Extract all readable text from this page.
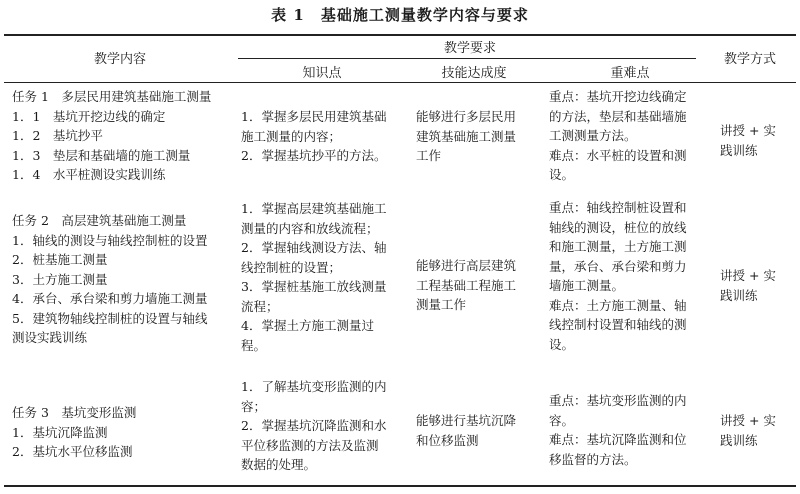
表 1　基础施工测量教学内容与要求
教学内容
教学要求
知识点	技能达成度	重难点
教学方式
任务 1　多层民用建筑基础施工测量
1．1　基坑开挖边线的确定
1．2　基坑抄平
1．3　垫层和基础墙的施工测量
1．4　水平桩测设实践训练
1．掌握多层民用建筑基础
施工测量的内容；
2．掌握基坑抄平的方法。
能够进行多层民用
建筑基础施工测量
工作
重点：基坑开挖边线确定
的方法，垫层和基础墙施
工测测量方法。
难点：水平桩的设置和测
设。
讲授 + 实
践训练
任务 2　高层建筑基础施工测量
1．轴线的测设与轴线控制桩的设置
2．桩基施工测量
3．土方施工测量
4．承台、承台梁和剪力墙施工测量
5．建筑物轴线控制桩的设置与轴线
测设实践训练
1．掌握高层建筑基础施工
测量的内容和放线流程；
2．掌握轴线测设方法、轴
线控制桩的设置；
3．掌握桩基施工放线测量
流程；
4．掌握土方施工测量过
程。
能够进行高层建筑
工程基础工程施工
测量工作
重点：轴线控制桩设置和
轴线的测设，桩位的放线
和施工测量，土方施工测
量，承台、承台梁和剪力
墙施工测量。
难点：土方施工测量、轴
线控制村设置和轴线的测
设。
讲授 + 实
践训练
任务 3　基坑变形监测
1．基坑沉降监测
2．基坑水平位移监测
1．了解基坑变形监测的内
容；
2．掌握基坑沉降监测和水
平位移监测的方法及监测
数据的处理。
能够进行基坑沉降
和位移监测
重点：基坑变形监测的内
容。
难点：基坑沉降监测和位
移监督的方法。
讲授 + 实
践训练
